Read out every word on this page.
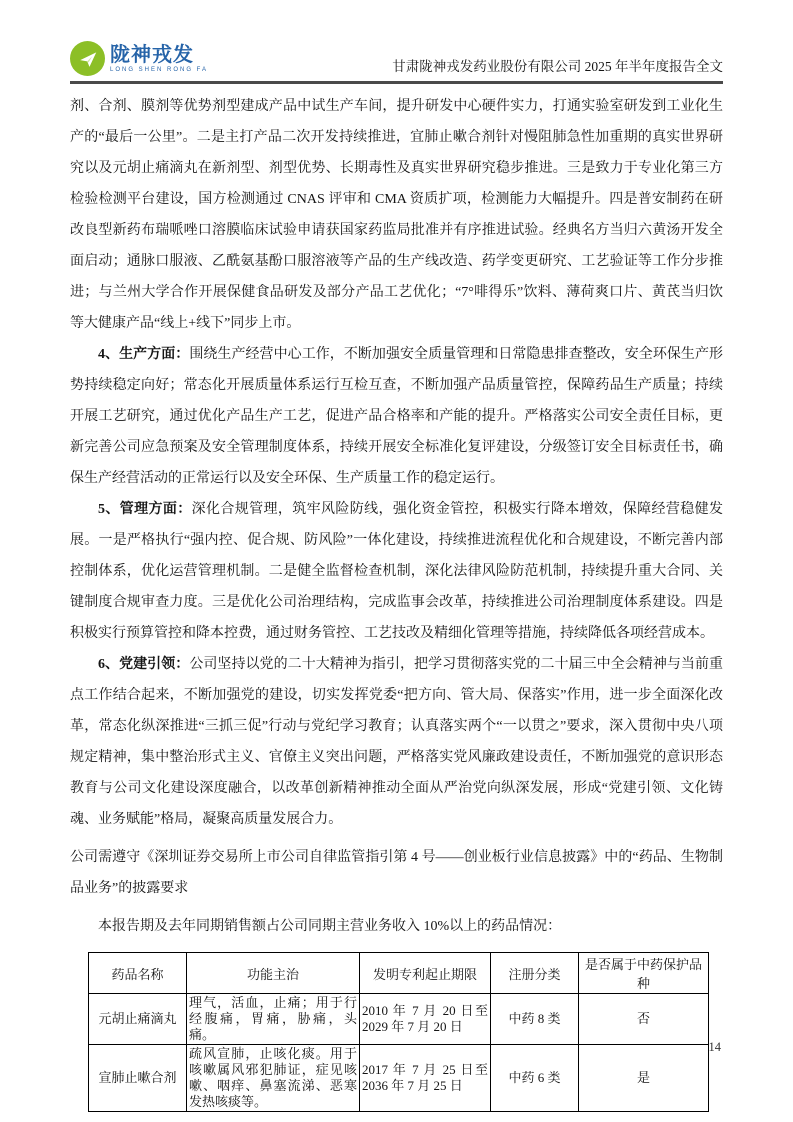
陇神戎发
LONG SHEN RONG FA	甘肃陇神戎发药业股份有限公司 2025 年半年度报告全文

剂、合剂、膜剂等优势剂型建成产品中试生产车间，提升研发中心硬件实力，打通实验室研发到工业化生产的“最后一公里”。二是主打产品二次开发持续推进，宜肺止嗽合剂针对慢阻肺急性加重期的真实世界研究以及元胡止痛滴丸在新剂型、剂型优势、长期毒性及真实世界研究稳步推进。三是致力于专业化第三方检验检测平台建设，国方检测通过 CNAS 评审和 CMA 资质扩项，检测能力大幅提升。四是普安制药在研改良型新药布瑞哌唑口溶膜临床试验申请获国家药监局批准并有序推进试验。经典名方当归六黄汤开发全面启动；通脉口服液、乙酰氨基酚口服溶液等产品的生产线改造、药学变更研究、工艺验证等工作分步推进；与兰州大学合作开展保健食品研发及部分产品工艺优化；“7°啡得乐”饮料、薄荷爽口片、黄芪当归饮等大健康产品“线上+线下”同步上市。

4、生产方面：围绕生产经营中心工作，不断加强安全质量管理和日常隐患排查整改，安全环保生产形势持续稳定向好；常态化开展质量体系运行互检互查，不断加强产品质量管控，保障药品生产质量；持续开展工艺研究，通过优化产品生产工艺，促进产品合格率和产能的提升。严格落实公司安全责任目标，更新完善公司应急预案及安全管理制度体系，持续开展安全标准化复评建设，分级签订安全目标责任书，确保生产经营活动的正常运行以及安全环保、生产质量工作的稳定运行。

5、管理方面：深化合规管理，筑牢风险防线，强化资金管控，积极实行降本增效，保障经营稳健发展。一是严格执行“强内控、促合规、防风险”一体化建设，持续推进流程优化和合规建设，不断完善内部控制体系，优化运营管理机制。二是健全监督检查机制，深化法律风险防范机制，持续提升重大合同、关键制度合规审查力度。三是优化公司治理结构，完成监事会改革，持续推进公司治理制度体系建设。四是积极实行预算管控和降本控费，通过财务管控、工艺技改及精细化管理等措施，持续降低各项经营成本。

6、党建引领：公司坚持以党的二十大精神为指引，把学习贯彻落实党的二十届三中全会精神与当前重点工作结合起来，不断加强党的建设，切实发挥党委“把方向、管大局、保落实”作用，进一步全面深化改革，常态化纵深推进“三抓三促”行动与党纪学习教育；认真落实两个“一以贯之”要求，深入贯彻中央八项规定精神，集中整治形式主义、官僚主义突出问题，严格落实党风廉政建设责任，不断加强党的意识形态教育与公司文化建设深度融合，以改革创新精神推动全面从严治党向纵深发展，形成“党建引领、文化铸魂、业务赋能”格局，凝聚高质量发展合力。

公司需遵守《深圳证券交易所上市公司自律监管指引第 4 号——创业板行业信息披露》中的“药品、生物制品业务”的披露要求

本报告期及去年同期销售额占公司同期主营业务收入 10%以上的药品情况：

药品名称	功能主治	发明专利起止期限	注册分类	是否属于中药保护品种
元胡止痛滴丸	理气，活血，止痛；用于行经腹痛，胃痛，胁痛，头痛。	2010 年 7 月 20 日至 2029 年 7 月 20 日	中药 8 类	否
宣肺止嗽合剂	疏风宣肺，止咳化痰。用于咳嗽属风邪犯肺证，症见咳嗽、咽痒、鼻塞流涕、恶寒发热咳痰等。	2017 年 7 月 25 日至 2036 年 7 月 25 日	中药 6 类	是
14
